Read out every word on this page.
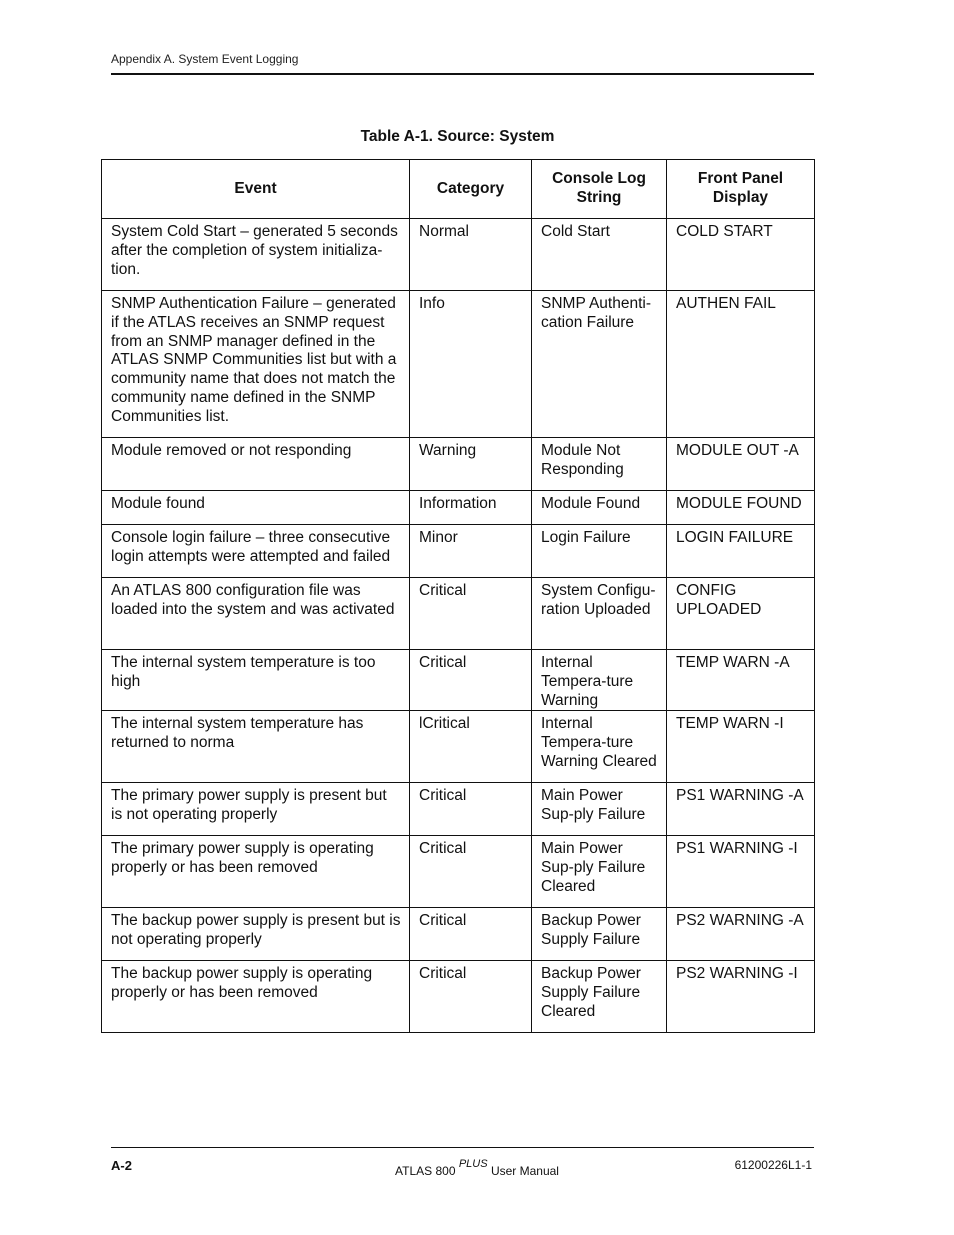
Appendix A. System Event Logging
Table A-1. Source: System
Event	Category	Console Log String	Front Panel Display
System Cold Start – generated 5 seconds after the completion of system initializa-tion.	Normal	Cold Start	COLD START
SNMP Authentication Failure – generated if the ATLAS receives an SNMP request from an SNMP manager defined in the ATLAS SNMP Communities list but with a community name that does not match the community name defined in the SNMP Communities list.	Info	SNMP Authenti-cation Failure	AUTHEN FAIL
Module removed or not responding	Warning	Module Not Responding	MODULE OUT -A
Module found	Information	Module Found	MODULE FOUND
Console login failure – three consecutive login attempts were attempted and failed	Minor	Login Failure	LOGIN FAILURE
An ATLAS 800 configuration file was loaded into the system and was activated	Critical	System Configu-ration Uploaded	CONFIG UPLOADED
The internal system temperature is too high	Critical	Internal Tempera-ture Warning	TEMP WARN -A
The internal system temperature has returned to norma	lCritical	Internal Tempera-ture Warning Cleared	TEMP WARN -I
The primary power supply is present but is not operating properly	Critical	Main Power Sup-ply Failure	PS1 WARNING -A
The primary power supply is operating properly or has been removed	Critical	Main Power Sup-ply Failure Cleared	PS1 WARNING -I
The backup power supply is present but is not operating properly	Critical	Backup Power Supply Failure	PS2 WARNING -A
The backup power supply is operating properly or has been removed	Critical	Backup Power Supply Failure Cleared	PS2 WARNING -I
A-2	ATLAS 800 $^{PLUS}$ User Manual	61200226L1-1
